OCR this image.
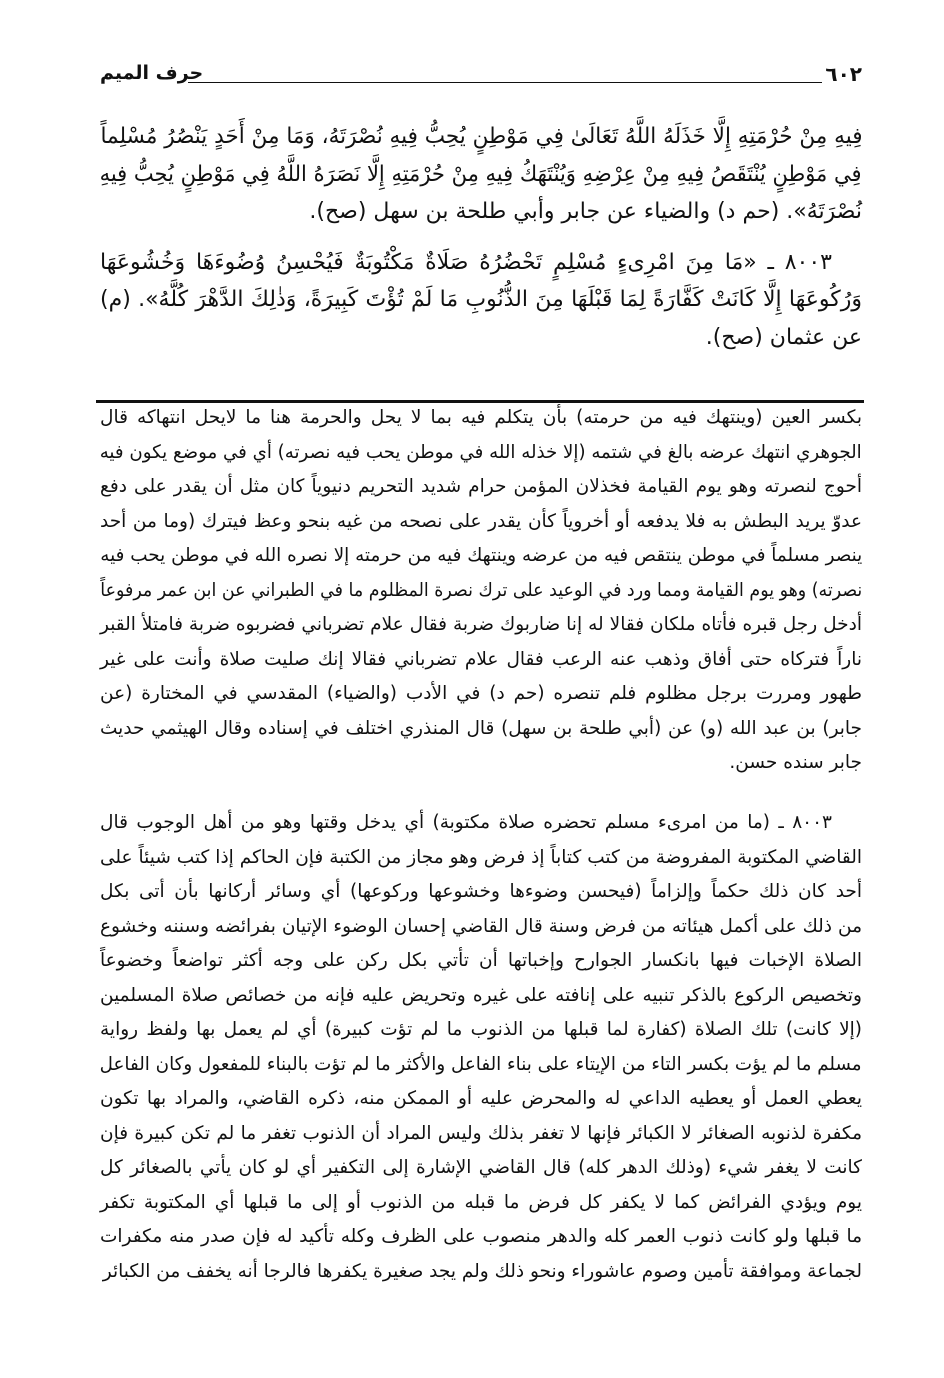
٦٠٢
حرف الميم
فِيهِ مِنْ حُرْمَتِهِ إِلَّا خَذَلَهُ اللَّهُ تَعَالَىٰ فِي مَوْطِنٍ يُحِبُّ فِيهِ نُصْرَتَهُ، وَمَا مِنْ أَحَدٍ يَنْصُرُ مُسْلِماً
فِي مَوْطِنٍ يُنْتَقَصُ فِيهِ مِنْ عِرْضِهِ وَيُنْتَهَكُ فِيهِ مِنْ حُرْمَتِهِ إِلَّا نَصَرَهُ اللَّهُ فِي مَوْطِنٍ يُحِبُّ فِيهِ
نُصْرَتَهُ». (حم د) والضياء عن جابر وأبي طلحة بن سهل (صح).
٨٠٠٣ ـ «مَا مِنَ امْرِىءٍ مُسْلِمٍ تَحْضُرُهُ صَلَاةٌ مَكْتُوبَةٌ فَيُحْسِنُ وُضُوءَهَا وَخُشُوعَهَا
وَرُكُوعَهَا إِلَّا كَانَتْ كَفَّارَةً لِمَا قَبْلَهَا مِنَ الذُّنُوبِ مَا لَمْ تُؤْتَ كَبِيرَةً، وَذٰلِكَ الدَّهْرَ كُلَّهُ». (م)
عن عثمان (صح).
بكسر العين (وينتهك فيه من حرمته) بأن يتكلم فيه بما لا يحل والحرمة هنا ما لايحل انتهاكه قال
الجوهري انتهك عرضه بالغ في شتمه (إلا خذله الله في موطن يحب فيه نصرته) أي في موضع يكون فيه
أحوج لنصرته وهو يوم القيامة فخذلان المؤمن حرام شديد التحريم دنيوياً كان مثل أن يقدر على دفع
عدوّ يريد البطش به فلا يدفعه أو أخروياً كأن يقدر على نصحه من غيه بنحو وعظ فيترك (وما من أحد
ينصر مسلماً في موطن ينتقص فيه من عرضه وينتهك فيه من حرمته إلا نصره الله في موطن يحب فيه
نصرته) وهو يوم القيامة ومما ورد في الوعيد على ترك نصرة المظلوم ما في الطبراني عن ابن عمر مرفوعاً
أدخل رجل قبره فأتاه ملكان فقالا له إنا ضاربوك ضربة فقال علام تضرباني فضربوه ضربة فامتلأ القبر
ناراً فتركاه حتى أفاق وذهب عنه الرعب فقال علام تضرباني فقالا إنك صليت صلاة وأنت على غير
طهور ومررت برجل مظلوم فلم تنصره (حم د) في الأدب (والضياء) المقدسي في المختارة (عن
جابر) بن عبد الله (و) عن (أبي طلحة بن سهل) قال المنذري اختلف في إسناده وقال الهيثمي حديث
جابر سنده حسن.
٨٠٠٣ ـ (ما من امرىء مسلم تحضره صلاة مكتوبة) أي يدخل وقتها وهو من أهل الوجوب قال
القاضي المكتوبة المفروضة من كتب كتاباً إذ فرض وهو مجاز من الكتبة فإن الحاكم إذا كتب شيئاً على
أحد كان ذلك حكماً وإلزاماً (فيحسن وضوءها وخشوعها وركوعها) أي وسائر أركانها بأن أتى بكل
من ذلك على أكمل هيئاته من فرض وسنة قال القاضي إحسان الوضوء الإتيان بفرائضه وسننه وخشوع
الصلاة الإخبات فيها بانكسار الجوارح وإخباتها أن تأتي بكل ركن على وجه أكثر تواضعاً وخضوعاً
وتخصيص الركوع بالذكر تنبيه على إنافته على غيره وتحريض عليه فإنه من خصائص صلاة المسلمين
(إلا كانت) تلك الصلاة (كفارة لما قبلها من الذنوب ما لم تؤت كبيرة) أي لم يعمل بها ولفظ رواية
مسلم ما لم يؤت بكسر التاء من الإيتاء على بناء الفاعل والأكثر ما لم تؤت بالبناء للمفعول وكان الفاعل
يعطي العمل أو يعطيه الداعي له والمحرض عليه أو الممكن منه، ذكره القاضي، والمراد بها تكون
مكفرة لذنوبه الصغائر لا الكبائر فإنها لا تغفر بذلك وليس المراد أن الذنوب تغفر ما لم تكن كبيرة فإن
كانت لا يغفر شيء (وذلك الدهر كله) قال القاضي الإشارة إلى التكفير أي لو كان يأتي بالصغائر كل
يوم ويؤدي الفرائض كما لا يكفر كل فرض ما قبله من الذنوب أو إلى ما قبلها أي المكتوبة تكفر
ما قبلها ولو كانت ذنوب العمر كله والدهر منصوب على الظرف وكله تأكيد له فإن صدر منه مكفرات
لجماعة وموافقة تأمين وصوم عاشوراء ونحو ذلك ولم يجد صغيرة يكفرها فالرجا أنه يخفف من الكبائر
